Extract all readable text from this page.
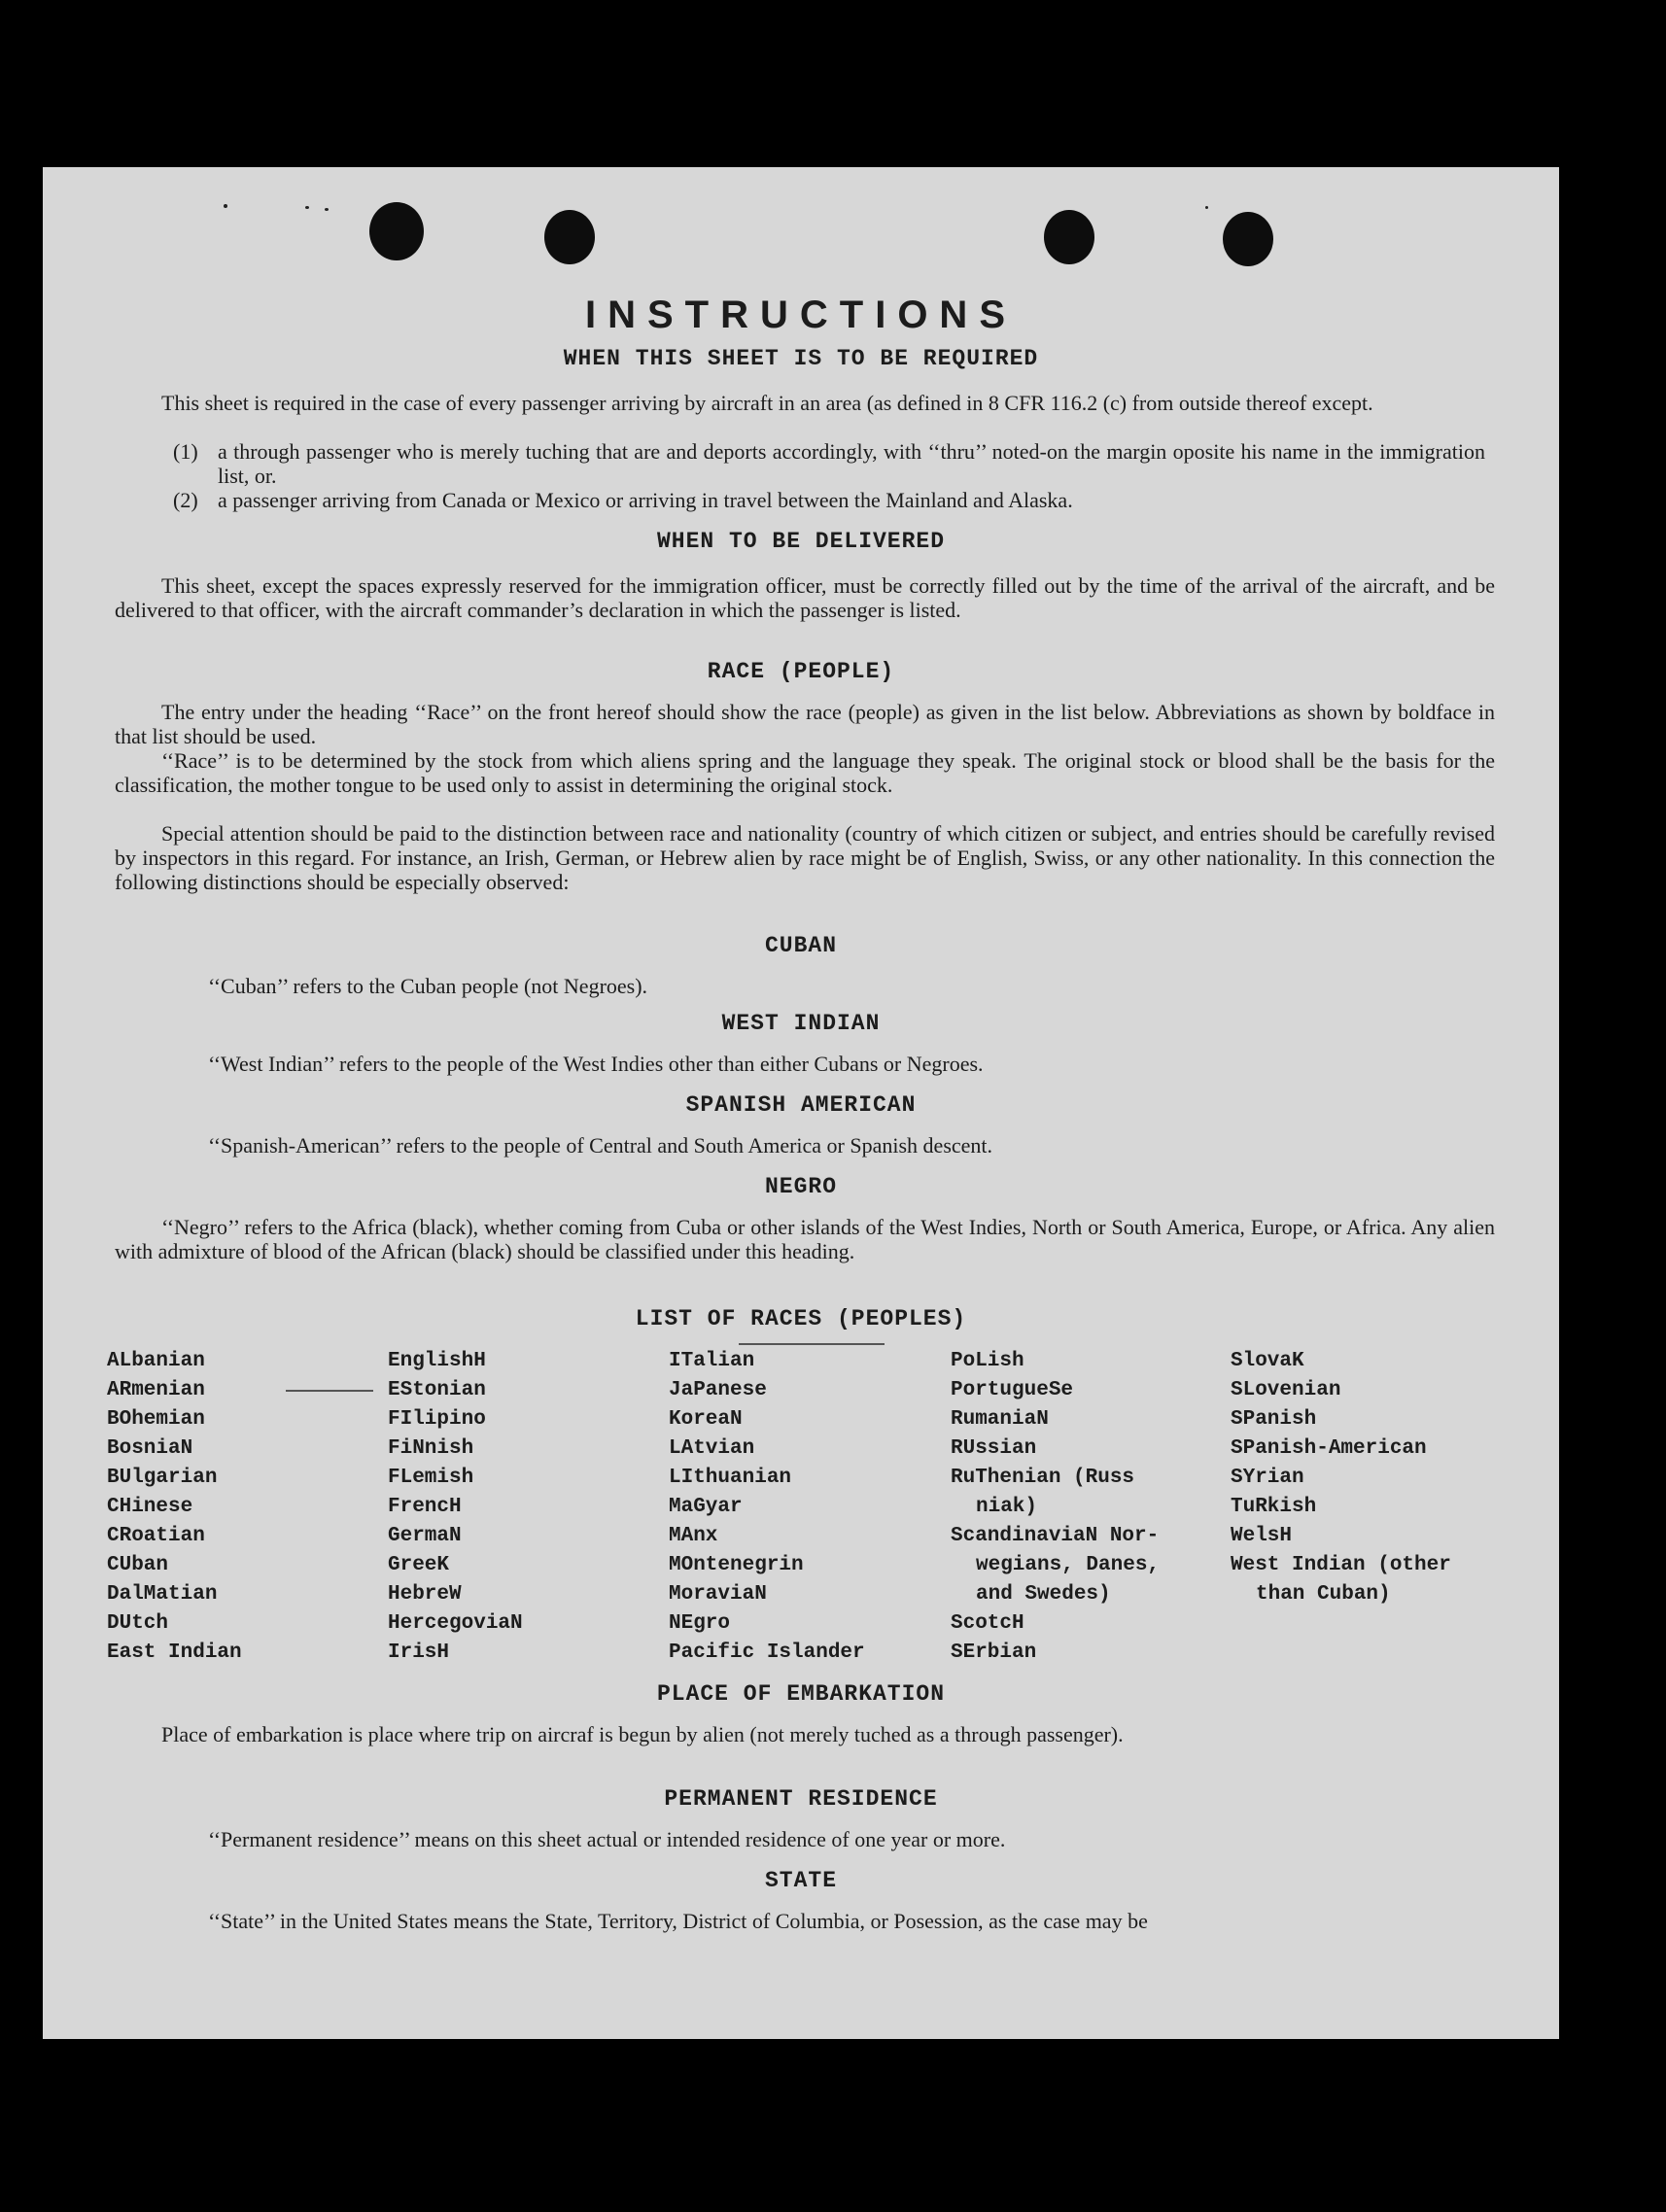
INSTRUCTIONS
WHEN THIS SHEET IS TO BE REQUIRED
This sheet is required in the case of every passenger arriving by aircraft in an area (as defined in 8 CFR 116.2 (c) from outside thereof except.
(1) a through passenger who is merely tuching that are and deports accordingly, with ‘‘thru’’ noted-on the margin oposite his name in the immigration list, or.
(2) a passenger arriving from Canada or Mexico or arriving in travel between the Mainland and Alaska.
WHEN TO BE DELIVERED
This sheet, except the spaces expressly reserved for the immigration officer, must be correctly filled out by the time of the arrival of the aircraft, and be delivered to that officer, with the aircraft commander’s declaration in which the passenger is listed.
RACE (PEOPLE)
The entry under the heading ‘‘Race’’ on the front hereof should show the race (people) as given in the list below. Abbreviations as shown by boldface in that list should be used.
‘‘Race’’ is to be determined by the stock from which aliens spring and the language they speak. The original stock or blood shall be the basis for the classification, the mother tongue to be used only to assist in determining the original stock.
Special attention should be paid to the distinction between race and nationality (country of which citizen or subject, and entries should be carefully revised by inspectors in this regard. For instance, an Irish, German, or Hebrew alien by race might be of English, Swiss, or any other nationality. In this connection the following distinctions should be especially observed:
CUBAN
‘‘Cuban’’ refers to the Cuban people (not Negroes).
WEST INDIAN
‘‘West Indian’’ refers to the people of the West Indies other than either Cubans or Negroes.
SPANISH AMERICAN
‘‘Spanish-American’’ refers to the people of Central and South America or Spanish descent.
NEGRO
‘‘Negro’’ refers to the Africa (black), whether coming from Cuba or other islands of the West Indies, North or South America, Europe, or Africa. Any alien with admixture of blood of the African (black) should be classified under this heading.
LIST OF RACES (PEOPLES)
ALbanian
ARmenian
BOhemian
BosniaN
BUlgarian
CHinese
CRoatian
CUban
DalMatian
DUtch
East Indian
EnglishH
EStonian
FIlipino
FiNnish
FLemish
FrencH
GermaN
GreeK
HebreW
HercegoviaN
IrisH
ITalian
JaPanese
KoreaN
LAtvian
LIthuanian
MaGyar
MAnx
MOntenegrin
MoraviaN
NEgro
Pacific Islander
PoLish
PortugueSe
RumaniaN
RUssian
RuThenian (Russ
niak)
ScandinaviaN Nor-
wegians, Danes,
and Swedes)
ScotcH
SErbian
SlovaK
SLovenian
SPanish
SPanish-American
SYrian
TuRkish
WelsH
West Indian (other
than Cuban)
PLACE OF EMBARKATION
Place of embarkation is place where trip on aircraf is begun by alien (not merely tuched as a through passenger).
PERMANENT RESIDENCE
‘‘Permanent residence’’ means on this sheet actual or intended residence of one year or more.
STATE
‘‘State’’ in the United States means the State, Territory, District of Columbia, or Posession, as the case may be
